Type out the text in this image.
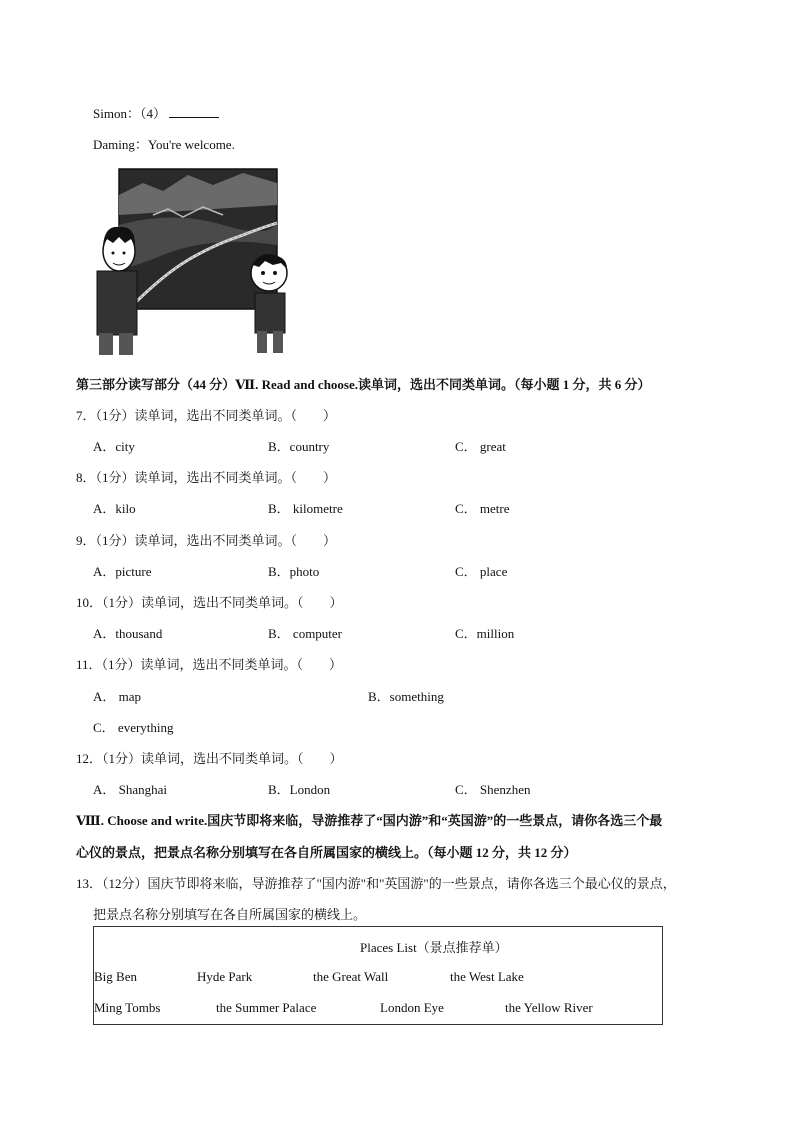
Simon：（4）
Daming：You're welcome.
第三部分读写部分（44 分）Ⅶ. Read and choose.读单词，选出不同类单词。（每小题 1 分，共 6 分）
7．（1分）读单词，选出不同类单词。（　　）
A．city	B．country	C． great
8．（1分）读单词，选出不同类单词。（　　）
A．kilo	B． kilometre	C． metre
9．（1分）读单词，选出不同类单词。（　　）
A．picture	B．photo	C． place
10．（1分）读单词，选出不同类单词。（　　）
A．thousand	B． computer	C．million
11．（1分）读单词，选出不同类单词。（　　）
A． map	B．something
C． everything
12．（1分）读单词，选出不同类单词。（　　）
A． Shanghai	B．London	C． Shenzhen
Ⅷ. Choose and write.国庆节即将来临，导游推荐了“国内游”和“英国游”的一些景点，请你各选三个最
心仪的景点，把景点名称分别填写在各自所属国家的横线上。（每小题 12 分，共 12 分）
13．（12分）国庆节即将来临，导游推荐了"国内游"和"英国游"的一些景点，请你各选三个最心仪的景点，
把景点名称分别填写在各自所属国家的横线上。
Places List（景点推荐单）
Big Ben	Hyde Park	the Great Wall	the West Lake
Ming Tombs	the Summer Palace	London Eye	the Yellow River
